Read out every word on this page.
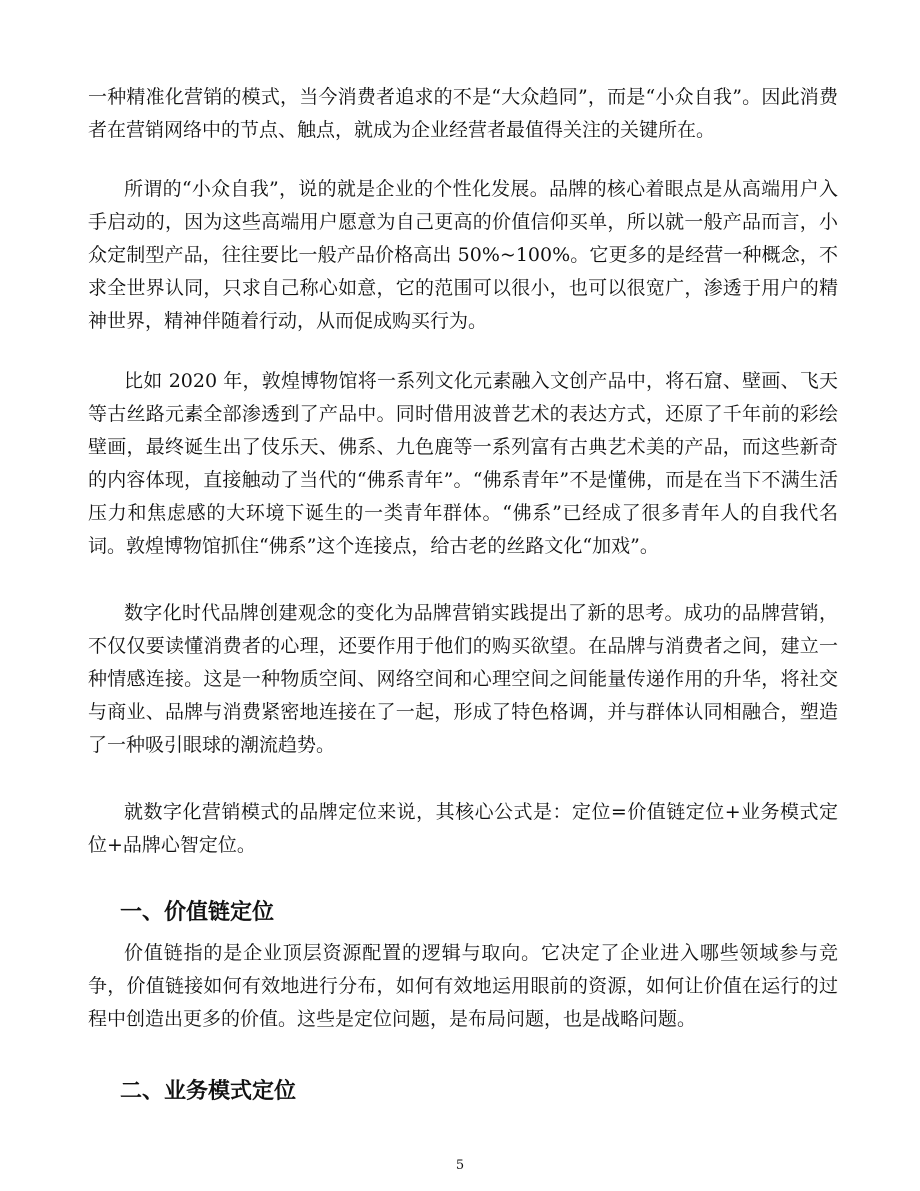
一种精准化营销的模式，当今消费者追求的不是“大众趋同”，而是“小众自我”。因此消费者在营销网络中的节点、触点，就成为企业经营者最值得关注的关键所在。

所谓的“小众自我”，说的就是企业的个性化发展。品牌的核心着眼点是从高端用户入手启动的，因为这些高端用户愿意为自己更高的价值信仰买单，所以就一般产品而言，小众定制型产品，往往要比一般产品价格高出 50%~100%。它更多的是经营一种概念，不求全世界认同，只求自己称心如意，它的范围可以很小，也可以很宽广，渗透于用户的精神世界，精神伴随着行动，从而促成购买行为。

比如 2020 年，敦煌博物馆将一系列文化元素融入文创产品中，将石窟、壁画、飞天等古丝路元素全部渗透到了产品中。同时借用波普艺术的表达方式，还原了千年前的彩绘壁画，最终诞生出了伎乐天、佛系、九色鹿等一系列富有古典艺术美的产品，而这些新奇的内容体现，直接触动了当代的“佛系青年”。“佛系青年”不是懂佛，而是在当下不满生活压力和焦虑感的大环境下诞生的一类青年群体。“佛系”已经成了很多青年人的自我代名词。敦煌博物馆抓住“佛系”这个连接点，给古老的丝路文化“加戏”。

数字化时代品牌创建观念的变化为品牌营销实践提出了新的思考。成功的品牌营销，不仅仅要读懂消费者的心理，还要作用于他们的购买欲望。在品牌与消费者之间，建立一种情感连接。这是一种物质空间、网络空间和心理空间之间能量传递作用的升华，将社交与商业、品牌与消费紧密地连接在了一起，形成了特色格调，并与群体认同相融合，塑造了一种吸引眼球的潮流趋势。

就数字化营销模式的品牌定位来说，其核心公式是：定位=价值链定位+业务模式定位+品牌心智定位。

一、价值链定位

价值链指的是企业顶层资源配置的逻辑与取向。它决定了企业进入哪些领域参与竞争，价值链接如何有效地进行分布，如何有效地运用眼前的资源，如何让价值在运行的过程中创造出更多的价值。这些是定位问题，是布局问题，也是战略问题。

二、业务模式定位
5
